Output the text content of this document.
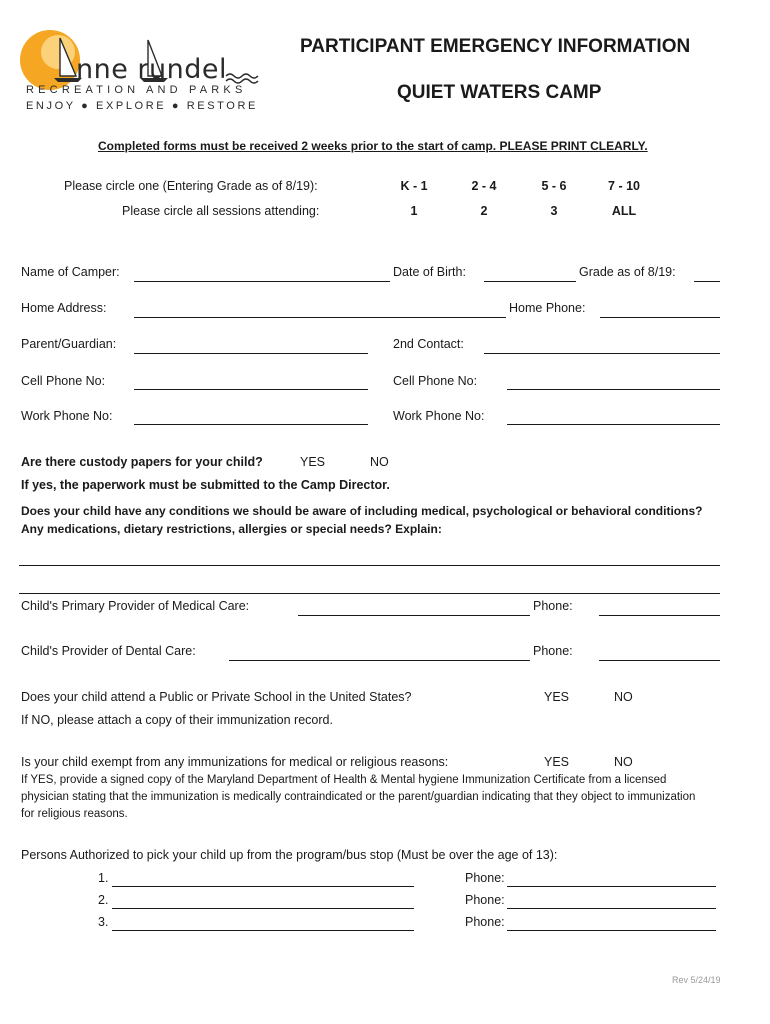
nne rundel
RECREATION AND PARKS
ENJOY ● EXPLORE ● RESTORE
PARTICIPANT EMERGENCY INFORMATION
QUIET WATERS CAMP
Completed forms must be received 2 weeks prior to the start of camp. PLEASE PRINT CLEARLY.
Please circle one (Entering Grade as of 8/19):	K - 1	2 - 4	5 - 6	7 - 10
Please circle all sessions attending:	1	2	3	ALL
Name of Camper:	Date of Birth:	Grade as of 8/19:
Home Address:	Home Phone:
Parent/Guardian:	2nd Contact:
Cell Phone No:	Cell Phone No:
Work Phone No:	Work Phone No:
Are there custody papers for your child?	YES	NO
If yes, the paperwork must be submitted to the Camp Director.
Does your child have any conditions we should be aware of including medical, psychological or behavioral conditions?
Any medications, dietary restrictions, allergies or special needs? Explain:
Child's Primary Provider of Medical Care:	Phone:
Child's Provider of Dental Care:	Phone:
Does your child attend a Public or Private School in the United States?	YES	NO
If NO, please attach a copy of their immunization record.
Is your child exempt from any immunizations for medical or religious reasons:	YES	NO
If YES, provide a signed copy of the Maryland Department of Health & Mental hygiene Immunization Certificate from a licensed
physician stating that the immunization is medically contraindicated or the parent/guardian indicating that they object to immunization
for religious reasons.
Persons Authorized to pick your child up from the program/bus stop (Must be over the age of 13):
1.	Phone:
2.	Phone:
3.	Phone:
Rev 5/24/19
